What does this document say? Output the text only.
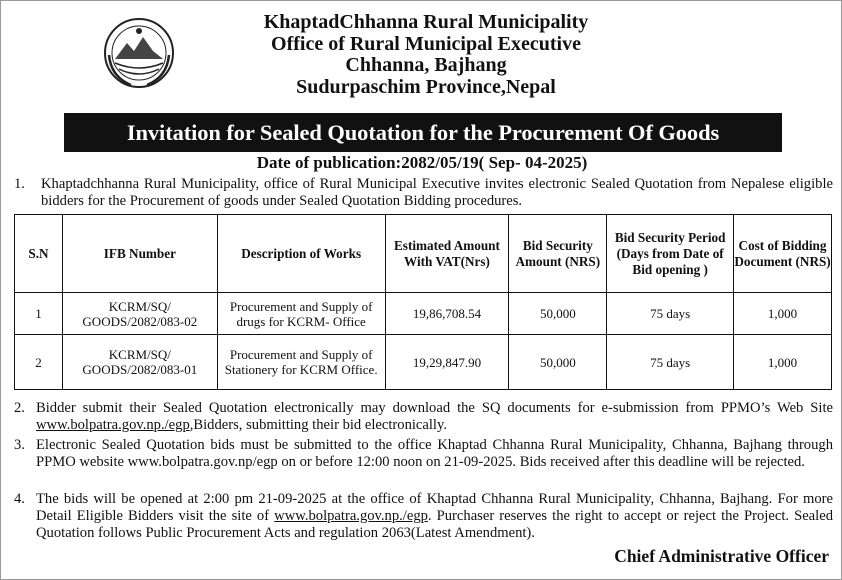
KhaptadChhanna Rural Municipality
Office of Rural Municipal Executive
Chhanna, Bajhang
Sudurpaschim Province,Nepal
Invitation for Sealed Quotation for the Procurement Of Goods
Date of publication:2082/05/19( Sep- 04-2025)
1. Khaptadchhanna Rural Municipality, office of Rural Municipal Executive invites electronic Sealed Quotation from Nepalese eligible bidders for the Procurement of goods under Sealed Quotation Bidding procedures.
S.N	IFB Number	Description of Works	Estimated Amount With VAT(Nrs)	Bid Security Amount (NRS)	Bid Security Period (Days from Date of Bid opening )	Cost of Bidding Document (NRS)
1	KCRM/SQ/ GOODS/2082/083-02	Procurement and Supply of drugs for KCRM- Office	19,86,708.54	50,000	75 days	1,000
2	KCRM/SQ/ GOODS/2082/083-01	Procurement and Supply of Stationery for KCRM Office.	19,29,847.90	50,000	75 days	1,000
2. Bidder submit their Sealed Quotation electronically may download the SQ documents for e-submission from PPMO’s Web Site www.bolpatra.gov.np./egp,Bidders, submitting their bid electronically.
3. Electronic Sealed Quotation bids must be submitted to the office Khaptad Chhanna Rural Municipality, Chhanna, Bajhang through PPMO website www.bolpatra.gov.np/egp on or before 12:00 noon on 21-09-2025. Bids received after this deadline will be rejected.
4. The bids will be opened at 2:00 pm 21-09-2025 at the office of Khaptad Chhanna Rural Municipality, Chhanna, Bajhang. For more Detail Eligible Bidders visit the site of www.bolpatra.gov.np./egp. Purchaser reserves the right to accept or reject the Project. Sealed Quotation follows Public Procurement Acts and regulation 2063(Latest Amendment).
Chief Administrative Officer
